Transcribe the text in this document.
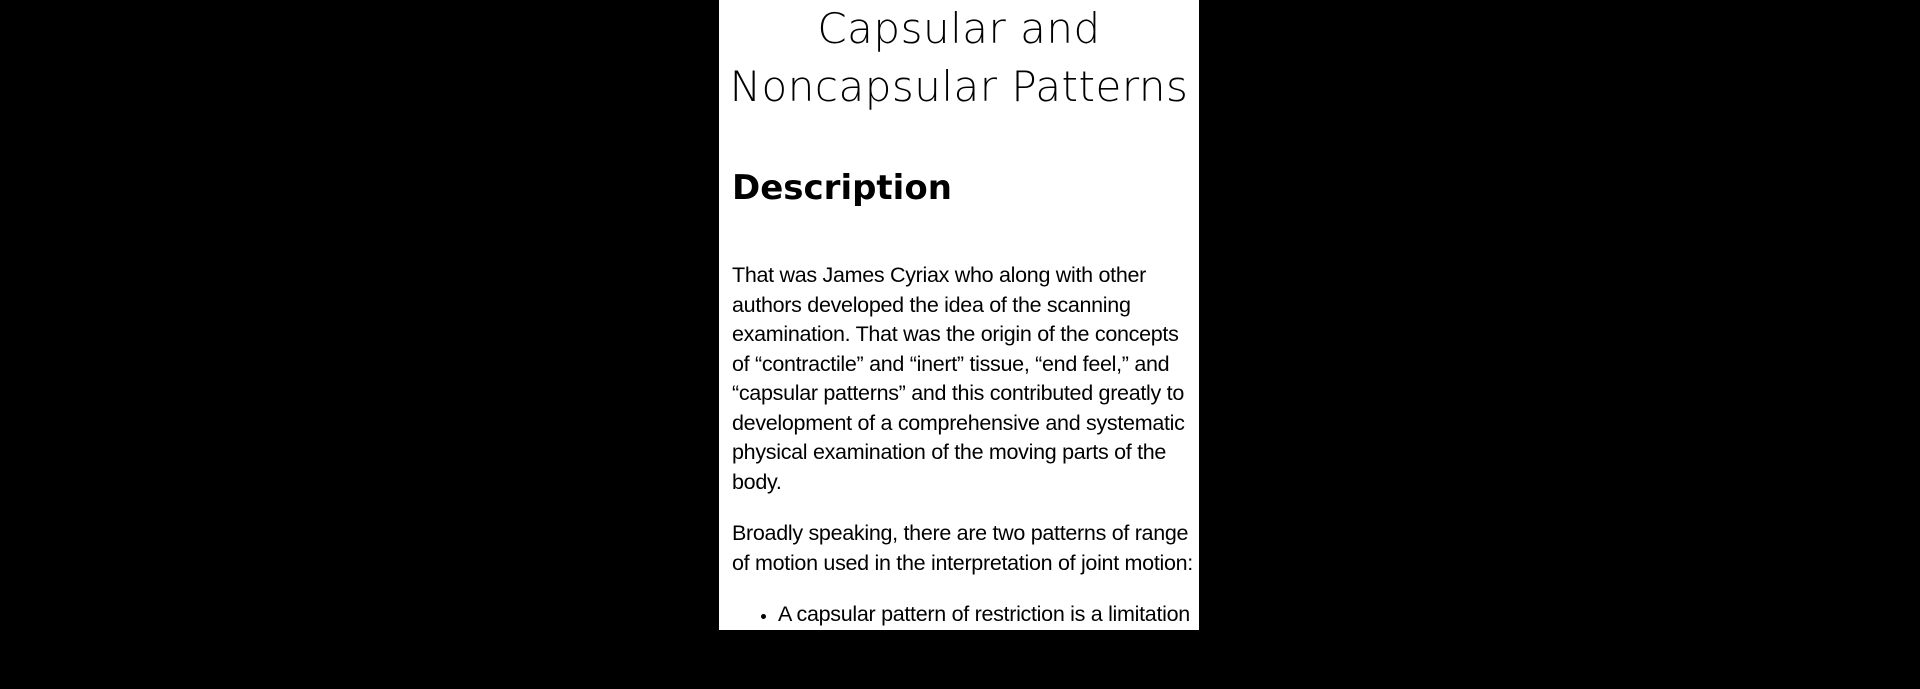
Capsular and
Noncapsular Patterns
Description

That was James Cyriax who along with other authors developed the idea of the scanning examination. That was the origin of the concepts of “contractile” and “inert” tissue, “end feel,” and “capsular patterns” and this contributed greatly to development of a comprehensive and systematic physical examination of the moving parts of the body.

Broadly speaking, there are two patterns of range of motion used in the interpretation of joint motion:

• A capsular pattern of restriction is a limitation of pain and movement in a joint specific ratio,
